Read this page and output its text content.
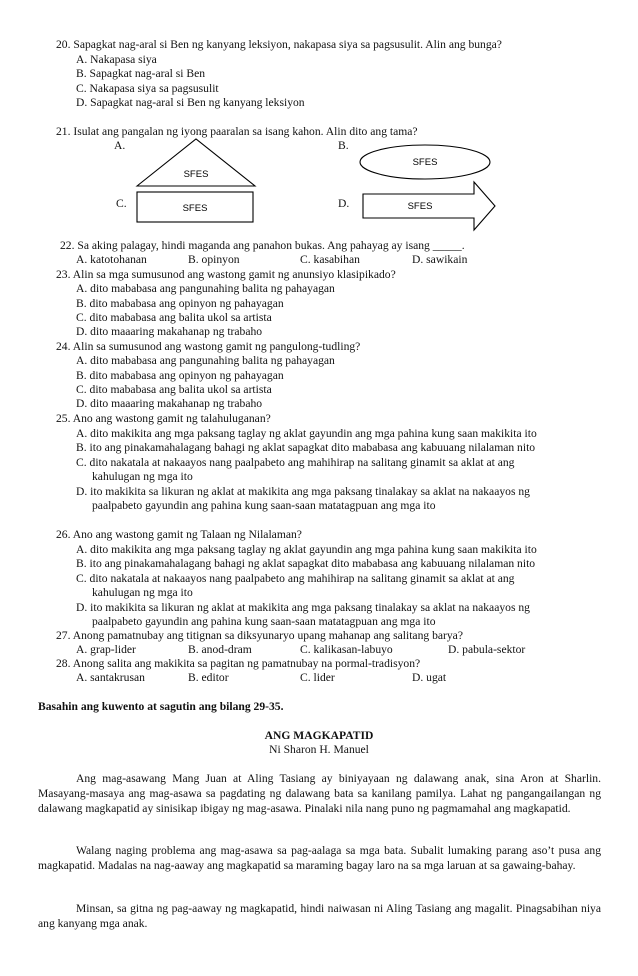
20. Sapagkat nag-aral si Ben ng kanyang leksiyon, nakapasa siya sa pagsusulit. Alin ang bunga?
A. Nakapasa siya
B. Sapagkat nag-aral si Ben
C. Nakapasa siya sa pagsusulit
D. Sapagkat nag-aral si Ben ng kanyang leksiyon
21. Isulat ang pangalan ng iyong paaralan sa isang kahon. Alin dito ang tama?
A.	B.
C.	D.
SFES
SFES
SFES	SFES
22. Sa aking palagay, hindi maganda ang panahon bukas. Ang pahayag ay isang _____.
A. katotohanan	B. opinyon	C. kasabihan	D. sawikain
23. Alin sa mga sumusunod ang wastong gamit ng anunsiyo klasipikado?
A. dito mababasa ang pangunahing balita ng pahayagan
B. dito mababasa ang opinyon ng pahayagan
C. dito mababasa ang balita ukol sa artista
D. dito maaaring makahanap ng trabaho
24. Alin sa sumusunod ang wastong gamit ng pangulong-tudling?
A. dito mababasa ang pangunahing balita ng pahayagan
B. dito mababasa ang opinyon ng pahayagan
C. dito mababasa ang balita ukol sa artista
D. dito maaaring makahanap ng trabaho
25. Ano ang wastong gamit ng talahuluganan?
A. dito makikita ang mga paksang taglay ng aklat gayundin ang mga pahina kung saan makikita ito
B. ito ang pinakamahalagang bahagi ng aklat sapagkat dito mababasa ang kabuuang nilalaman nito
C. dito nakatala at nakaayos nang paalpabeto ang mahihirap na salitang ginamit sa aklat at ang
kahulugan ng mga ito
D. ito makikita sa likuran ng aklat at makikita ang mga paksang tinalakay sa aklat na nakaayos ng
paalpabeto gayundin ang pahina kung saan-saan matatagpuan ang mga ito
26. Ano ang wastong gamit ng Talaan ng Nilalaman?
A. dito makikita ang mga paksang taglay ng aklat gayundin ang mga pahina kung saan makikita ito
B. ito ang pinakamahalagang bahagi ng aklat sapagkat dito mababasa ang kabuuang nilalaman nito
C. dito nakatala at nakaayos nang paalpabeto ang mahihirap na salitang ginamit sa aklat at ang
kahulugan ng mga ito
D. ito makikita sa likuran ng aklat at makikita ang mga paksang tinalakay sa aklat na nakaayos ng
paalpabeto gayundin ang pahina kung saan-saan matatagpuan ang mga ito
27. Anong pamatnubay ang titignan sa diksyunaryo upang mahanap ang salitang barya?
A. grap-lider	B. anod-dram	C. kalikasan-labuyo	D. pabula-sektor
28. Anong salita ang makikita sa pagitan ng pamatnubay na pormal-tradisyon?
A. santakrusan	B. editor	C. lider	D. ugat
Basahin ang kuwento at sagutin ang bilang 29-35.
ANG MAGKAPATID
Ni Sharon H. Manuel
Ang mag-asawang Mang Juan at Aling Tasiang ay biniyayaan ng dalawang anak, sina Aron at Sharlin. Masayang-masaya ang mag-asawa sa pagdating ng dalawang bata sa kanilang pamilya. Lahat ng pangangailangan ng dalawang magkapatid ay sinisikap ibigay ng mag-asawa. Pinalaki nila nang puno ng pagmamahal ang magkapatid.
Walang naging problema ang mag-asawa sa pag-aalaga sa mga bata. Subalit lumaking parang aso’t pusa ang magkapatid. Madalas na nag-aaway ang magkapatid sa maraming bagay laro na sa mga laruan at sa gawaing-bahay.
Minsan, sa gitna ng pag-aaway ng magkapatid, hindi naiwasan ni Aling Tasiang ang magalit. Pinagsabihan niya ang kanyang mga anak.
